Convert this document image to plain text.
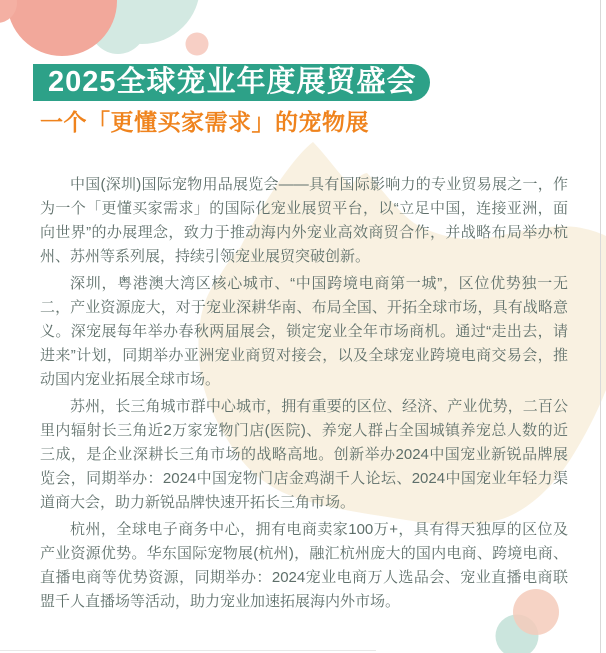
2025全球宠业年度展贸盛会
一个「更懂买家需求」的宠物展

中国(深圳)国际宠物用品展览会——具有国际影响力的专业贸易展之一，作为一个「更懂买家需求」的国际化宠业展贸平台，以“立足中国，连接亚洲，面向世界”的办展理念，致力于推动海内外宠业高效商贸合作，并战略布局举办杭州、苏州等系列展，持续引领宠业展贸突破创新。

深圳，粤港澳大湾区核心城市、“中国跨境电商第一城”，区位优势独一无二，产业资源庞大，对于宠业深耕华南、布局全国、开拓全球市场，具有战略意义。深宠展每年举办春秋两届展会，锁定宠业全年市场商机。通过“走出去，请进来”计划，同期举办亚洲宠业商贸对接会，以及全球宠业跨境电商交易会，推动国内宠业拓展全球市场。

苏州，长三角城市群中心城市，拥有重要的区位、经济、产业优势，二百公里内辐射长三角近2万家宠物门店(医院)、养宠人群占全国城镇养宠总人数的近三成，是企业深耕长三角市场的战略高地。创新举办2024中国宠业新锐品牌展览会，同期举办：2024中国宠物门店金鸡湖千人论坛、2024中国宠业年轻力渠道商大会，助力新锐品牌快速开拓长三角市场。

杭州，全球电子商务中心，拥有电商卖家100万+，具有得天独厚的区位及产业资源优势。华东国际宠物展(杭州)，融汇杭州庞大的国内电商、跨境电商、直播电商等优势资源，同期举办：2024宠业电商万人选品会、宠业直播电商联盟千人直播场等活动，助力宠业加速拓展海内外市场。
